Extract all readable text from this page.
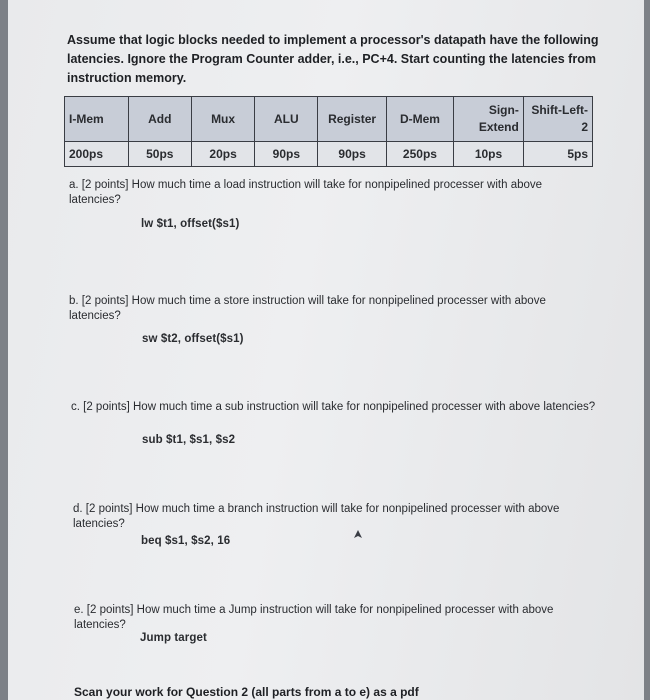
Assume that logic blocks needed to implement a processor's datapath have the following latencies. Ignore the Program Counter adder, i.e., PC+4. Start counting the latencies from instruction memory.
I-Mem	Add	Mux	ALU	Register	D-Mem	Sign-Extend	Shift-Left-2
200ps	50ps	20ps	90ps	90ps	250ps	10ps	5ps
a. [2 points] How much time a load instruction will take for nonpipelined processer with above latencies?
lw $t1, offset($s1)
b. [2 points] How much time a store instruction will take for nonpipelined processer with above latencies?
sw $t2, offset($s1)
c. [2 points] How much time a sub instruction will take for nonpipelined processer with above latencies?
sub $t1, $s1, $s2
d. [2 points] How much time a branch instruction will take for nonpipelined processer with above latencies?
beq $s1, $s2, 16
e. [2 points] How much time a Jump instruction will take for nonpipelined processer with above latencies?
Jump target
Scan your work for Question 2 (all parts from a to e) as a pdf
